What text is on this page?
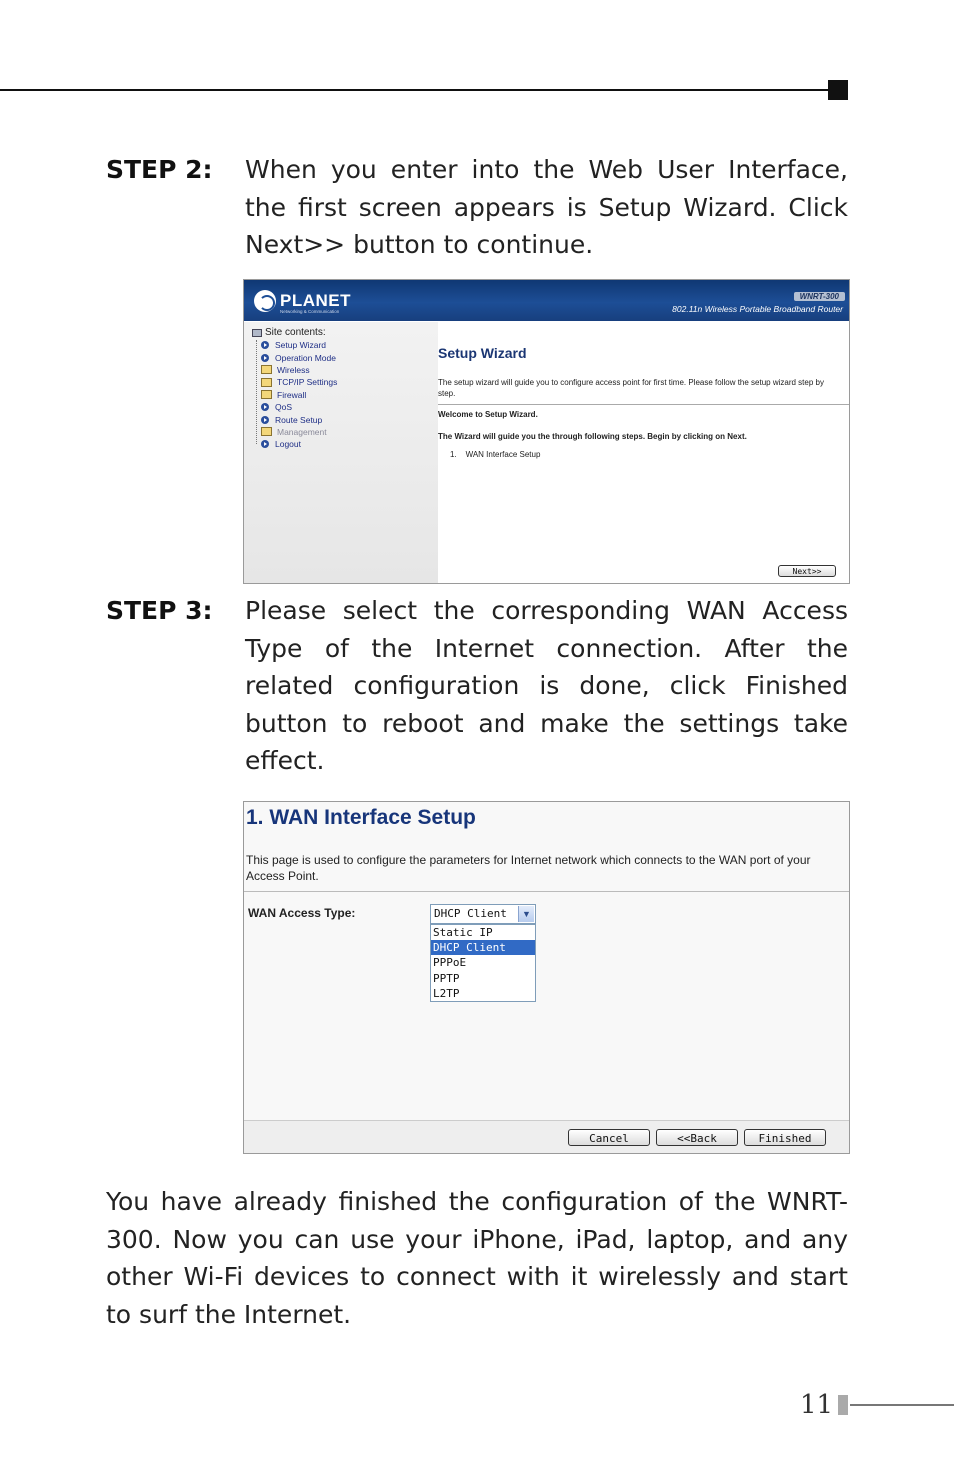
STEP 2:	When you enter into the Web User Interface, the first screen appears is Setup Wizard. Click Next>> button to continue.
PLANET
Networking & Communication
WNRT-300
802.11n Wireless Portable Broadband Router
Site contents:
Setup Wizard
Operation Mode
Wireless
TCP/IP Settings
Firewall
QoS
Route Setup
Management
Logout
Setup Wizard
The setup wizard will guide you to configure access point for first time. Please follow the setup wizard step by step.
Welcome to Setup Wizard.
The Wizard will guide you the through following steps. Begin by clicking on Next.
1. WAN Interface Setup
Next>>
STEP 3:	Please select the corresponding WAN Access Type of the Internet connection. After the related configuration is done, click Finished button to reboot and make the settings take effect.
1. WAN Interface Setup
This page is used to configure the parameters for Internet network which connects to the WAN port of your Access Point.
WAN Access Type:	DHCP Client	▼
Static IP
DHCP Client
PPPoE
PPTP
L2TP
Cancel	<<Back	Finished
You have already finished the configuration of the WNRT-300. Now you can use your iPhone, iPad, laptop, and any other Wi-Fi devices to connect with it wirelessly and start to surf the Internet.
11
